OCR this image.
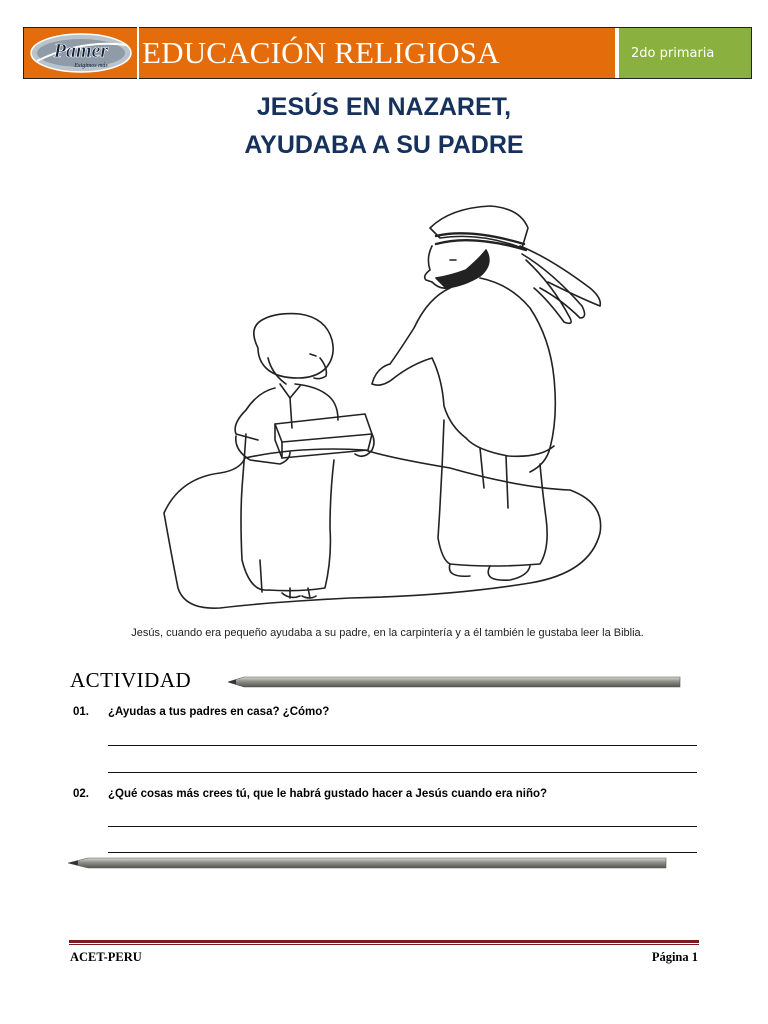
Pamer
Exigimos más EDUCACIÓN RELIGIOSA	2do primaria
JESÚS EN NAZARET,
AYUDABA A SU PADRE
Jesús, cuando era pequeño ayudaba a su padre, en la carpintería y a él también le gustaba leer la Biblia.
ACTIVIDAD
01. ¿Ayudas a tus padres en casa? ¿Cómo?
02. ¿Qué cosas más crees tú, que le habrá gustado hacer a Jesús cuando era niño?
ACET-PERU	Página 1
